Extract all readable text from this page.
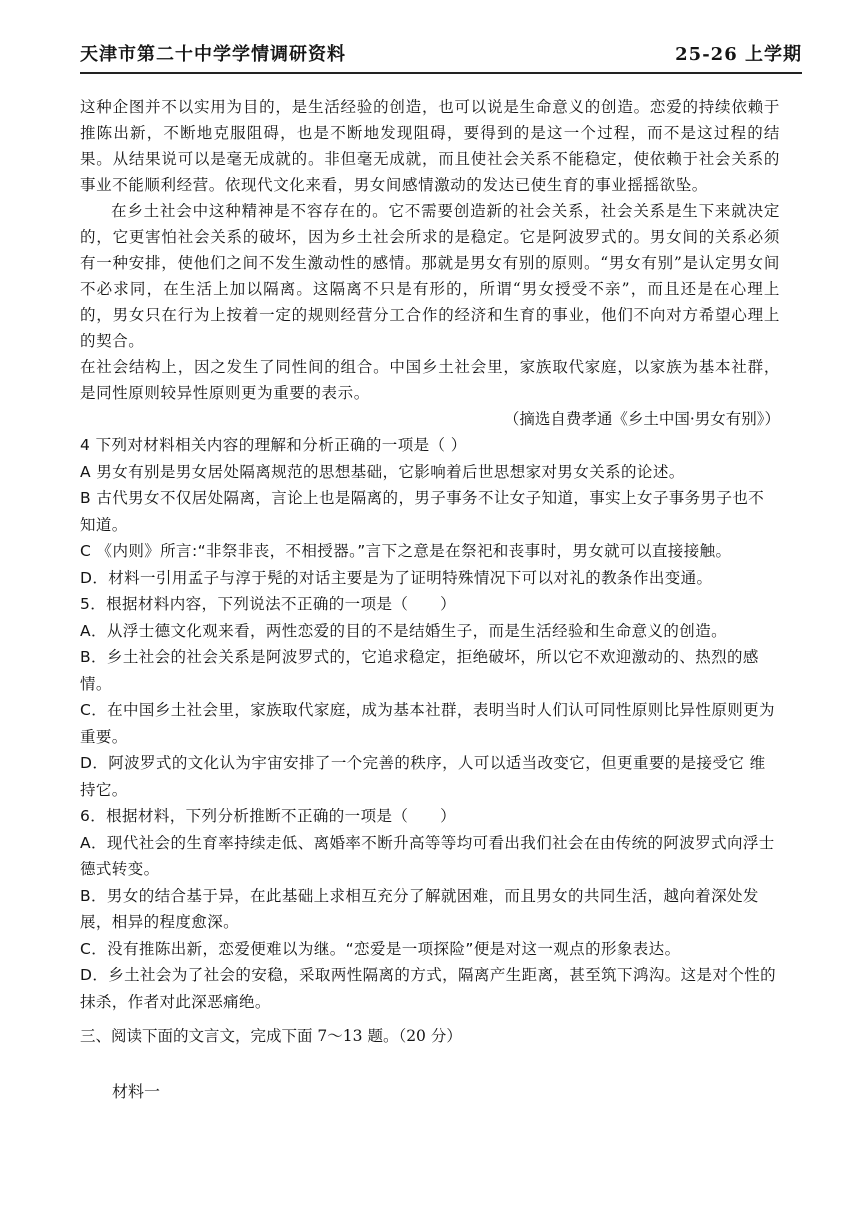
天津市第二十中学学情调研资料	25-26 上学期

这种企图并不以实用为目的，是生活经验的创造，也可以说是生命意义的创造。恋爱的持续依赖于推陈出新，不断地克服阻碍，也是不断地发现阻碍，要得到的是这一个过程，而不是这过程的结果。从结果说可以是毫无成就的。非但毫无成就，而且使社会关系不能稳定，使依赖于社会关系的事业不能顺利经营。依现代文化来看，男女间感情激动的发达已使生育的事业摇摇欲坠。

在乡土社会中这种精神是不容存在的。它不需要创造新的社会关系，社会关系是生下来就决定的，它更害怕社会关系的破坏，因为乡土社会所求的是稳定。它是阿波罗式的。男女间的关系必须有一种安排，使他们之间不发生激动性的感情。那就是男女有别的原则。“男女有别”是认定男女间不必求同，在生活上加以隔离。这隔离不只是有形的，所谓“男女授受不亲”，而且还是在心理上的，男女只在行为上按着一定的规则经营分工合作的经济和生育的事业，他们不向对方希望心理上的契合。

在社会结构上，因之发生了同性间的组合。中国乡土社会里，家族取代家庭，以家族为基本社群，是同性原则较异性原则更为重要的表示。

（摘选自费孝通《乡土中国·男女有别》）

4 下列对材料相关内容的理解和分析正确的一项是（ ）

A 男女有别是男女居处隔离规范的思想基础，它影响着后世思想家对男女关系的论述。

B 古代男女不仅居处隔离，言论上也是隔离的，男子事务不让女子知道，事实上女子事务男子也不知道。

C 《内则》所言:“非祭非丧，不相授器。”言下之意是在祭祀和丧事时，男女就可以直接接触。

D．材料一引用孟子与淳于髡的对话主要是为了证明特殊情况下可以对礼的教条作出变通。

5．根据材料内容，下列说法不正确的一项是（　　）

A．从浮士德文化观来看，两性恋爱的目的不是结婚生子，而是生活经验和生命意义的创造。

B．乡土社会的社会关系是阿波罗式的，它追求稳定，拒绝破坏，所以它不欢迎激动的、热烈的感情。

C．在中国乡土社会里，家族取代家庭，成为基本社群，表明当时人们认可同性原则比异性原则更为重要。

D．阿波罗式的文化认为宇宙安排了一个完善的秩序，人可以适当改变它，但更重要的是接受它 维持它。

6．根据材料，下列分析推断不正确的一项是（　　）

A．现代社会的生育率持续走低、离婚率不断升高等等均可看出我们社会在由传统的阿波罗式向浮士德式转变。

B．男女的结合基于异，在此基础上求相互充分了解就困难，而且男女的共同生活，越向着深处发展，相异的程度愈深。

C．没有推陈出新，恋爱便难以为继。“恋爱是一项探险”便是对这一观点的形象表达。

D．乡土社会为了社会的安稳，采取两性隔离的方式，隔离产生距离，甚至筑下鸿沟。这是对个性的抹杀，作者对此深恶痛绝。

三、阅读下面的文言文，完成下面 7～13 题。（20 分）

材料一
